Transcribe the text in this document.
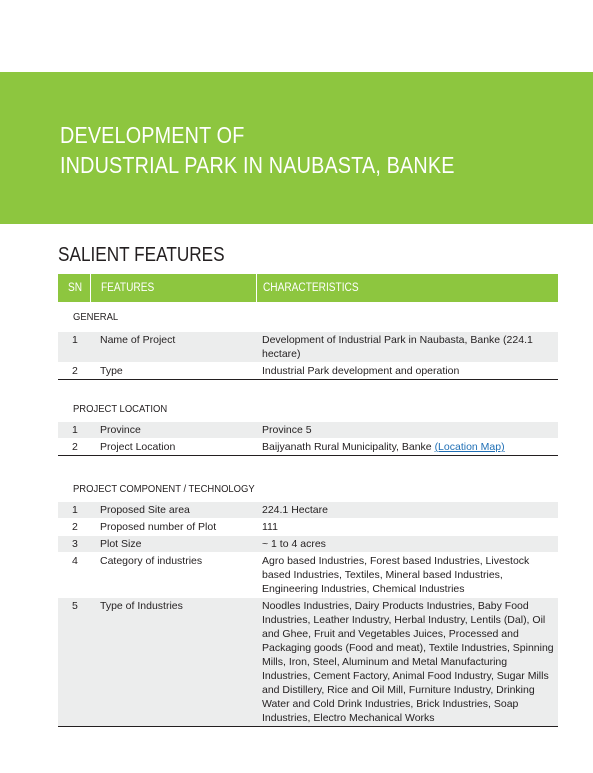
DEVELOPMENT OF
INDUSTRIAL PARK IN NAUBASTA, BANKE
SALIENT FEATURES
SN FEATURES	CHARACTERISTICS
GENERAL
1	Name of Project	Development of Industrial Park in Naubasta, Banke (224.1 hectare)
2	Type	Industrial Park development and operation
PROJECT LOCATION
1	Province	Province 5
2	Project Location	Baijyanath Rural Municipality, Banke (Location Map)
PROJECT COMPONENT / TECHNOLOGY
1	Proposed Site area	224.1 Hectare
2	Proposed number of Plot	111
3	Plot Size	~ 1 to 4 acres
4	Category of industries	Agro based Industries, Forest based Industries, Livestock based Industries, Textiles, Mineral based Industries, Engineering Industries, Chemical Industries
5	Type of Industries	Noodles Industries, Dairy Products Industries, Baby Food Industries, Leather Industry, Herbal Industry, Lentils (Dal), Oil and Ghee, Fruit and Vegetables Juices, Processed and Packaging goods (Food and meat), Textile Industries, Spinning Mills, Iron, Steel, Aluminum and Metal Manufacturing Industries, Cement Factory, Animal Food Industry, Sugar Mills and Distillery, Rice and Oil Mill, Furniture Industry, Drinking Water and Cold Drink Industries, Brick Industries, Soap Industries, Electro Mechanical Works
